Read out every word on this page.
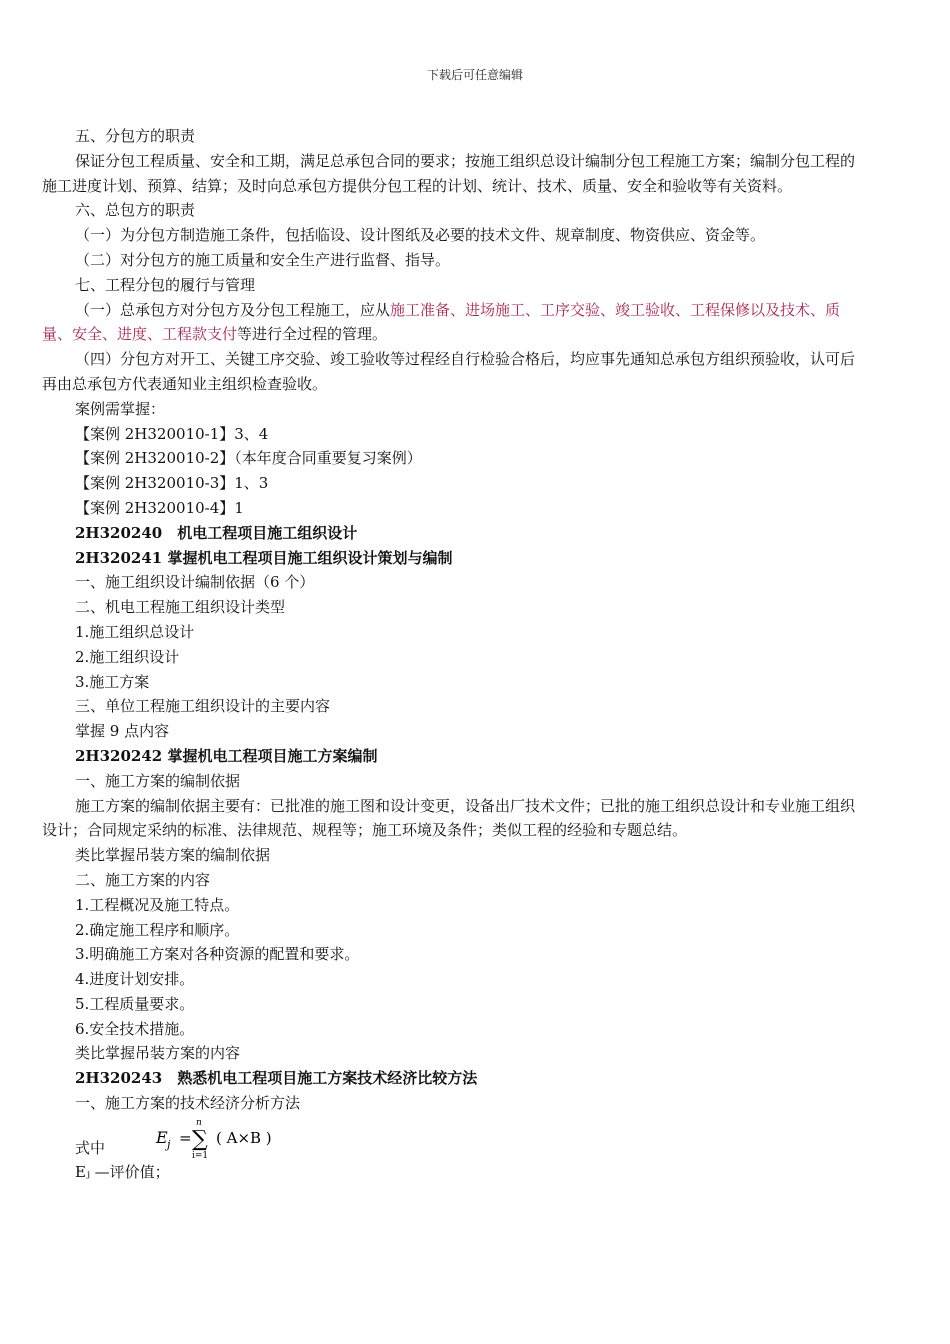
下载后可任意编辑

五、分包方的职责

保证分包工程质量、安全和工期，满足总承包合同的要求；按施工组织总设计编制分包工程施工方案；编制分包工程的施工进度计划、预算、结算；及时向总承包方提供分包工程的计划、统计、技术、质量、安全和验收等有关资料。

六、总包方的职责

（一）为分包方制造施工条件，包括临设、设计图纸及必要的技术文件、规章制度、物资供应、资金等。

（二）对分包方的施工质量和安全生产进行监督、指导。

七、工程分包的履行与管理

（一）总承包方对分包方及分包工程施工，应从施工准备、进场施工、工序交验、竣工验收、工程保修以及技术、质量、安全、进度、工程款支付等进行全过程的管理。

（四）分包方对开工、关键工序交验、竣工验收等过程经自行检验合格后，均应事先通知总承包方组织预验收，认可后再由总承包方代表通知业主组织检查验收。

案例需掌握：

【案例 2H320010-1】3、4

【案例 2H320010-2】（本年度合同重要复习案例）

【案例 2H320010-3】1、3

【案例 2H320010-4】1

2H320240　机电工程项目施工组织设计

2H320241 掌握机电工程项目施工组织设计策划与编制

一、施工组织设计编制依据（6 个）

二、机电工程施工组织设计类型

1.施工组织总设计

2.施工组织设计

3.施工方案

三、单位工程施工组织设计的主要内容

掌握 9 点内容

2H320242 掌握机电工程项目施工方案编制

一、施工方案的编制依据

施工方案的编制依据主要有：已批准的施工图和设计变更，设备出厂技术文件；已批的施工组织总设计和专业施工组织设计；合同规定采纳的标准、法律规范、规程等；施工环境及条件；类似工程的经验和专题总结。

类比掌握吊装方案的编制依据

二、施工方案的内容

1.工程概况及施工特点。

2.确定施工程序和顺序。

3.明确施工方案对各种资源的配置和要求。

4.进度计划安排。

5.工程质量要求。

6.安全技术措施。

类比掌握吊装方案的内容

2H320243　熟悉机电工程项目施工方案技术经济比较方法

一、施工方案的技术经济分析方法

式中
E j =
n
∑
i=1
( A×B )

Eⱼ —评价值；
